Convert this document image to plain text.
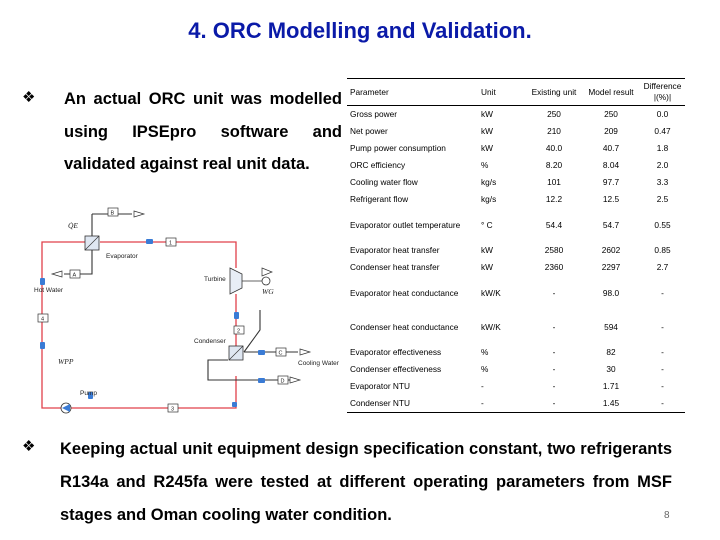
4. ORC Modelling and Validation.
❖ An actual ORC unit was modelled using IPSEpro software and validated against real unit data.
Parameter	Unit	Existing unit	Model result	Difference |(%)|
Gross power	kW	250	250	0.0
Net power	kW	210	209	0.47
Pump power consumption	kW	40.0	40.7	1.8
ORC efficiency	%	8.20	8.04	2.0
Cooling water flow	kg/s	101	97.7	3.3
Refrigerant flow	kg/s	12.2	12.5	2.5
Evaporator outlet temperature	° C	54.4	54.7	0.55
Evaporator heat transfer	kW	2580	2602	0.85
Condenser heat transfer	kW	2360	2297	2.7
Evaporator heat conductance	kW/K	-	98.0	-
Condenser heat conductance	kW/K	-	594	-
Evaporator effectiveness	%	-	82	-
Condenser effectiveness	%	-	30	-
Evaporator NTU	-	-	1.71	-
Condenser NTU	-	-	1.45	-
B
A
1
2
C
D
3
4
Q̇E
Evaporator
Hot Water
Turbine
WG
Condenser
Cooling Water
WPP
Pump
❖ Keeping actual unit equipment design specification constant, two refrigerants R134a and R245fa were tested at different operating parameters from MSF stages and Oman cooling water condition.	8
